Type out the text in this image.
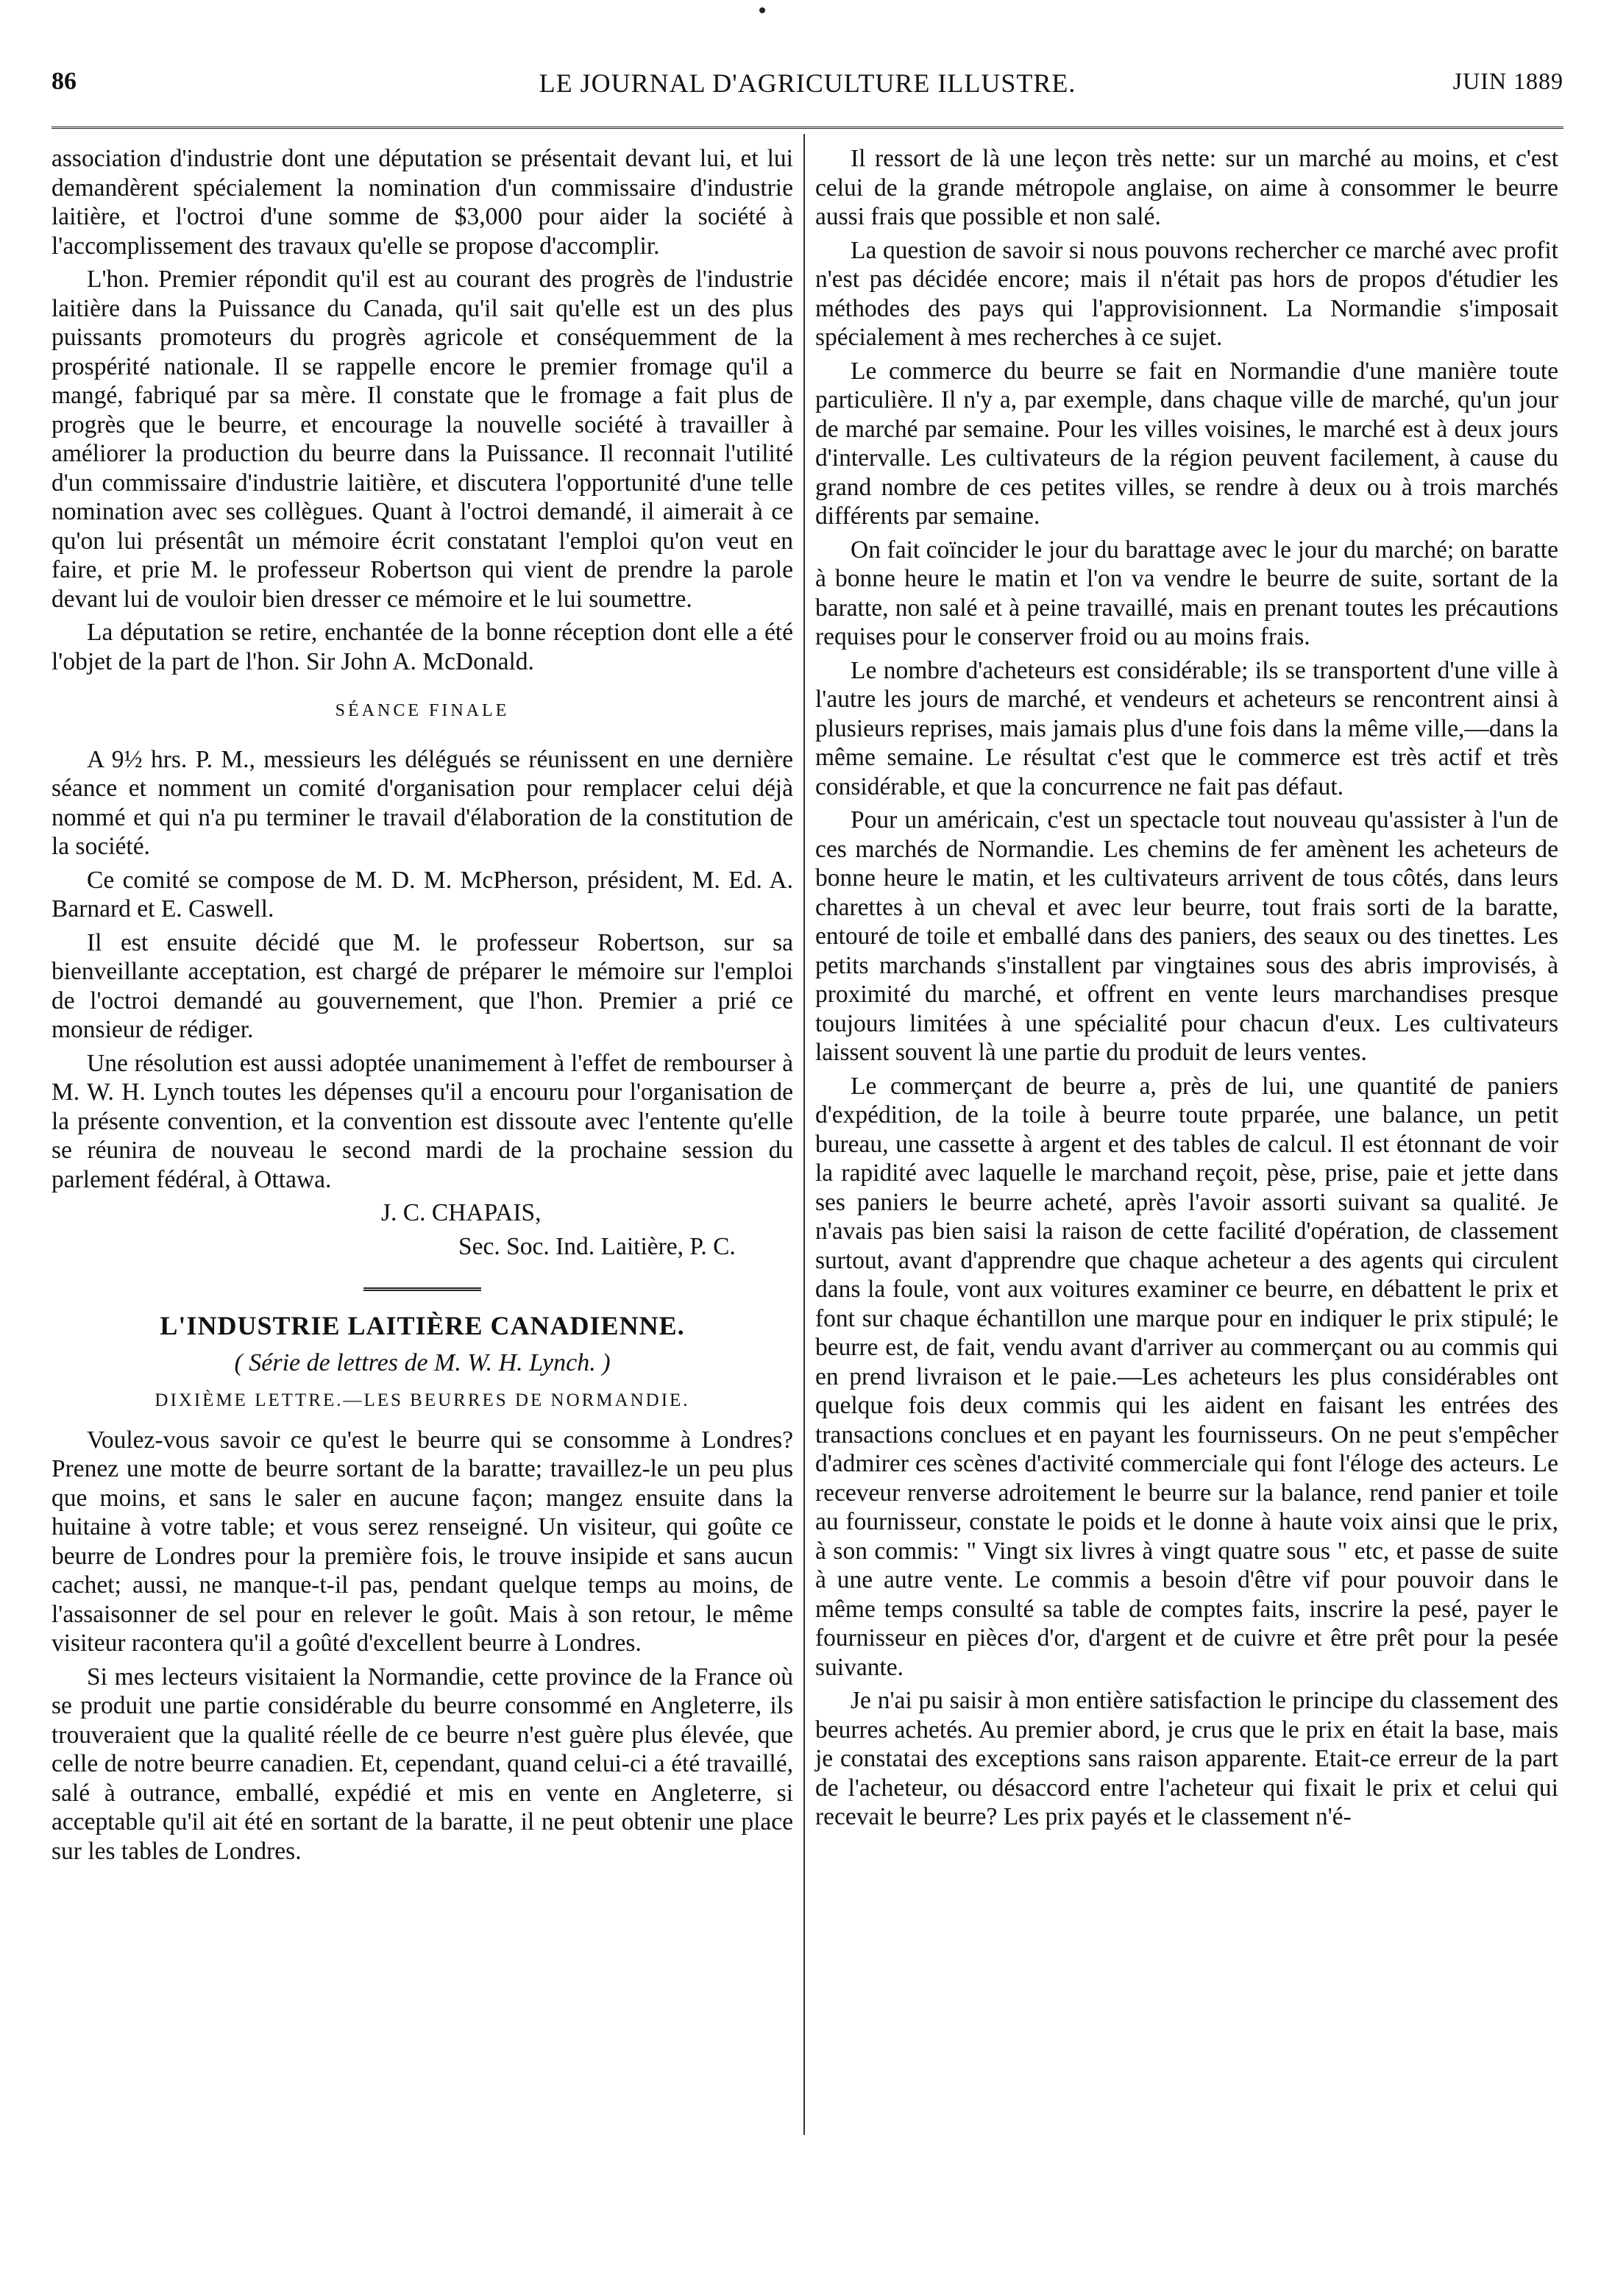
86	LE JOURNAL D'AGRICULTURE ILLUSTRE.	JUIN 1889

association d'industrie dont une députation se présentait devant lui, et lui demandèrent spécialement la nomination d'un commissaire d'industrie laitière, et l'octroi d'une somme de $3,000 pour aider la société à l'accomplissement des travaux qu'elle se propose d'accomplir.

L'hon. Premier répondit qu'il est au courant des progrès de l'industrie laitière dans la Puissance du Canada, qu'il sait qu'elle est un des plus puissants promoteurs du progrès agricole et conséquemment de la prospérité nationale. Il se rappelle encore le premier fromage qu'il a mangé, fabriqué par sa mère. Il constate que le fromage a fait plus de progrès que le beurre, et encourage la nouvelle société à travailler à améliorer la production du beurre dans la Puissance. Il reconnait l'utilité d'un commissaire d'industrie laitière, et discutera l'opportunité d'une telle nomination avec ses collègues. Quant à l'octroi demandé, il aimerait à ce qu'on lui présentât un mémoire écrit constatant l'emploi qu'on veut en faire, et prie M. le professeur Robertson qui vient de prendre la parole devant lui de vouloir bien dresser ce mémoire et le lui soumettre.

La députation se retire, enchantée de la bonne réception dont elle a été l'objet de la part de l'hon. Sir John A. McDonald.

SÉANCE FINALE

A 9½ hrs. P. M., messieurs les délégués se réunissent en une dernière séance et nomment un comité d'organisation pour remplacer celui déjà nommé et qui n'a pu terminer le travail d'élaboration de la constitution de la société.

Ce comité se compose de M. D. M. McPherson, président, M. Ed. A. Barnard et E. Caswell.

Il est ensuite décidé que M. le professeur Robertson, sur sa bienveillante acceptation, est chargé de préparer le mémoire sur l'emploi de l'octroi demandé au gouvernement, que l'hon. Premier a prié ce monsieur de rédiger.

Une résolution est aussi adoptée unanimement à l'effet de rembourser à M. W. H. Lynch toutes les dépenses qu'il a encouru pour l'organisation de la présente convention, et la convention est dissoute avec l'entente qu'elle se réunira de nouveau le second mardi de la prochaine session du parlement fédéral, à Ottawa.

J. C. CHAPAIS,

Sec. Soc. Ind. Laitière, P. C.

L'INDUSTRIE LAITIÈRE CANADIENNE.
( Série de lettres de M. W. H. Lynch. )
DIXIÈME LETTRE.—LES BEURRES DE NORMANDIE.

Voulez-vous savoir ce qu'est le beurre qui se consomme à Londres? Prenez une motte de beurre sortant de la baratte; travaillez-le un peu plus que moins, et sans le saler en aucune façon; mangez ensuite dans la huitaine à votre table; et vous serez renseigné. Un visiteur, qui goûte ce beurre de Londres pour la première fois, le trouve insipide et sans aucun cachet; aussi, ne manque-t-il pas, pendant quelque temps au moins, de l'assaisonner de sel pour en relever le goût. Mais à son retour, le même visiteur racontera qu'il a goûté d'excellent beurre à Londres.

Si mes lecteurs visitaient la Normandie, cette province de la France où se produit une partie considérable du beurre consommé en Angleterre, ils trouveraient que la qualité réelle de ce beurre n'est guère plus élevée, que celle de notre beurre canadien. Et, cependant, quand celui-ci a été travaillé, salé à outrance, emballé, expédié et mis en vente en Angleterre, si acceptable qu'il ait été en sortant de la baratte, il ne peut obtenir une place sur les tables de Londres.

Il ressort de là une leçon très nette: sur un marché au moins, et c'est celui de la grande métropole anglaise, on aime à consommer le beurre aussi frais que possible et non salé.

La question de savoir si nous pouvons rechercher ce marché avec profit n'est pas décidée encore; mais il n'était pas hors de propos d'étudier les méthodes des pays qui l'approvisionnent. La Normandie s'imposait spécialement à mes recherches à ce sujet.

Le commerce du beurre se fait en Normandie d'une manière toute particulière. Il n'y a, par exemple, dans chaque ville de marché, qu'un jour de marché par semaine. Pour les villes voisines, le marché est à deux jours d'intervalle. Les cultivateurs de la région peuvent facilement, à cause du grand nombre de ces petites villes, se rendre à deux ou à trois marchés différents par semaine.

On fait coïncider le jour du barattage avec le jour du marché; on baratte à bonne heure le matin et l'on va vendre le beurre de suite, sortant de la baratte, non salé et à peine travaillé, mais en prenant toutes les précautions requises pour le conserver froid ou au moins frais.

Le nombre d'acheteurs est considérable; ils se transportent d'une ville à l'autre les jours de marché, et vendeurs et acheteurs se rencontrent ainsi à plusieurs reprises, mais jamais plus d'une fois dans la même ville,—dans la même semaine. Le résultat c'est que le commerce est très actif et très considérable, et que la concurrence ne fait pas défaut.

Pour un américain, c'est un spectacle tout nouveau qu'assister à l'un de ces marchés de Normandie. Les chemins de fer amènent les acheteurs de bonne heure le matin, et les cultivateurs arrivent de tous côtés, dans leurs charettes à un cheval et avec leur beurre, tout frais sorti de la baratte, entouré de toile et emballé dans des paniers, des seaux ou des tinettes. Les petits marchands s'installent par vingtaines sous des abris improvisés, à proximité du marché, et offrent en vente leurs marchandises presque toujours limitées à une spécialité pour chacun d'eux. Les cultivateurs laissent souvent là une partie du produit de leurs ventes.

Le commerçant de beurre a, près de lui, une quantité de paniers d'expédition, de la toile à beurre toute prparée, une balance, un petit bureau, une cassette à argent et des tables de calcul. Il est étonnant de voir la rapidité avec laquelle le marchand reçoit, pèse, prise, paie et jette dans ses paniers le beurre acheté, après l'avoir assorti suivant sa qualité. Je n'avais pas bien saisi la raison de cette facilité d'opération, de classement surtout, avant d'apprendre que chaque acheteur a des agents qui circulent dans la foule, vont aux voitures examiner ce beurre, en débattent le prix et font sur chaque échantillon une marque pour en indiquer le prix stipulé; le beurre est, de fait, vendu avant d'arriver au commerçant ou au commis qui en prend livraison et le paie.—Les acheteurs les plus considérables ont quelque fois deux commis qui les aident en faisant les entrées des transactions conclues et en payant les fournisseurs. On ne peut s'empêcher d'admirer ces scènes d'activité commerciale qui font l'éloge des acteurs. Le receveur renverse adroitement le beurre sur la balance, rend panier et toile au fournisseur, constate le poids et le donne à haute voix ainsi que le prix, à son commis: " Vingt six livres à vingt quatre sous " etc, et passe de suite à une autre vente. Le commis a besoin d'être vif pour pouvoir dans le même temps consulté sa table de comptes faits, inscrire la pesé, payer le fournisseur en pièces d'or, d'argent et de cuivre et être prêt pour la pesée suivante.

Je n'ai pu saisir à mon entière satisfaction le principe du classement des beurres achetés. Au premier abord, je crus que le prix en était la base, mais je constatai des exceptions sans raison apparente. Etait-ce erreur de la part de l'acheteur, ou désaccord entre l'acheteur qui fixait le prix et celui qui recevait le beurre? Les prix payés et le classement n'é-
